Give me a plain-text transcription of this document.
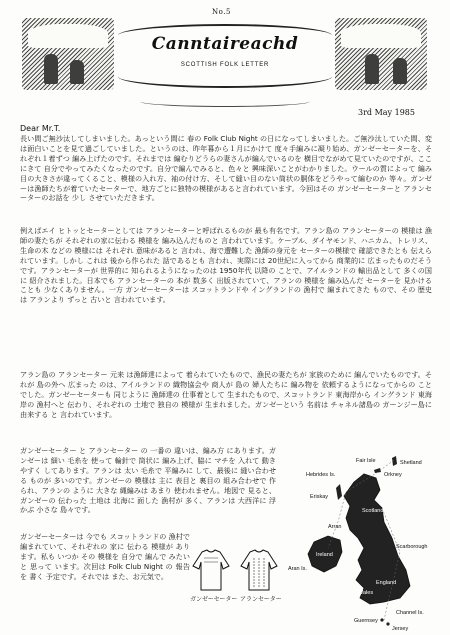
No.5
Canntaireachd
SCOTTISH FOLK LETTER
3rd May 1985
Dear Mr.T.
長い間ご無沙汰してしまいました。あっという間に 春の Folk Club Night の日になってしまいました。ご無沙汰していた間、変は面白いことを見て過ごしていました。というのは、昨年暮から１月にかけて 度々手編みに凝り始め、ガンゼーセーターを、それぞれ１着ずつ 編み上げたのです。それまでは 編むりどうらの妻さんが編んでいるのを 横目でながめて見ていたのですが、ここにきて 自分でやってみたくなったのです。自分で編んでみると、色々と 興味深いことがわかりました。ウールの質によって 編み目の大きさが違ってくること、模様の入れ方、袖の付け方、そして縫い目のない筒状の胴体をどうやって編むのか 等々。ガンゼーは漁師たちが着ていたセーターで、地方ごとに独特の模様があると言われています。今回はその ガンゼーセーターと アランセーターのお話を 少し させていただきます。
例えばエイ ヒトッとセーターとしては アランセーターと呼ばれるものが 最も有名です。アラン島の アランセーターの 模様は 漁師の妻たちが それぞれの家に伝わる 模様を 編み込んだものと 言われています。ケーブル、ダイヤモンド、ハニカム、トレリス、生命の木 などの 模様には それぞれ 意味があると 言われ、海で遭難した 漁師の身元を セーターの模様で 確認できたとも 伝えられています。しかし これは 後から作られた 話であるとも 言われ、実際には 20世紀に入ってから 商業的に 広まったものだそうです。アランセーターが 世界的に 知られるようになったのは 1950年代 以降の ことで、アイルランドの 輸出品として 多くの国に 紹介されました。日本でも アランセーターの 本が 数多く 出版されていて、アランの 模様を 編み込んだ セーターを 見かける ことも 少なくありません。一方 ガンゼーセーターは スコットランドや イングランドの 漁村で 編まれてきた もので、その 歴史は アランより ずっと 古いと 言われています。
アラン島の アランセーター 元来 は漁師達によって 着られていたもので、漁民の妻たちが 家族のために 編んでいたものです。それが 島の外へ 広まった のは、アイルランドの 織物協会や 商人が 島の 婦人たちに 編み物を 依頼するようになってからの ことでした。ガンゼーセーターも 同じように 漁師達の 仕事着として 生まれたもので、スコットランド 東海岸から イングランド 東海岸の 漁村へと 伝わり、それぞれの 土地で 独自の 模様が 生まれました。ガンゼーという 名前は チャネル諸島の ガーンジー島に 由来する と 言われています。
ガンゼーセーター と アランセーター の 一番の 違いは、編み方 にあります。ガンゼーは 細い 毛糸を 使って 輪針で 筒状に 編み上げ、脇に マチを 入れて 動きやすく してあります。アランは 太い 毛糸で 平編みに して、最後に 縫い合わせる ものが 多いのです。ガンゼーの 模様は 主に 表目と 裏目の 組み合わせで 作られ、アランの ように 大きな 縄編みは あまり 使われません。地図で 見ると、ガンゼーの 伝わった 土地は 北海に 面した 漁村が 多く、アランは 大西洋に 浮かぶ 小さな 島々です。
ガンゼーセーターは 今でも スコットランドの 漁村で 編まれていて、それぞれの 家に 伝わる 模様が あります。私も いつか その 模様を 自分で 編んで みたいと 思って います。次回は Folk Club Night の 報告を 書く 予定です。それでは また、お元気で。
ガンゼーセーター アランセーター
Fair Isle	Shetland
Orkney
Hebrides Is.
Eriskay
Scotland
Arran
Scarborough
Ireland
Aran Is.
England
Wales
Channel Is.
Guernsey
Jersey
